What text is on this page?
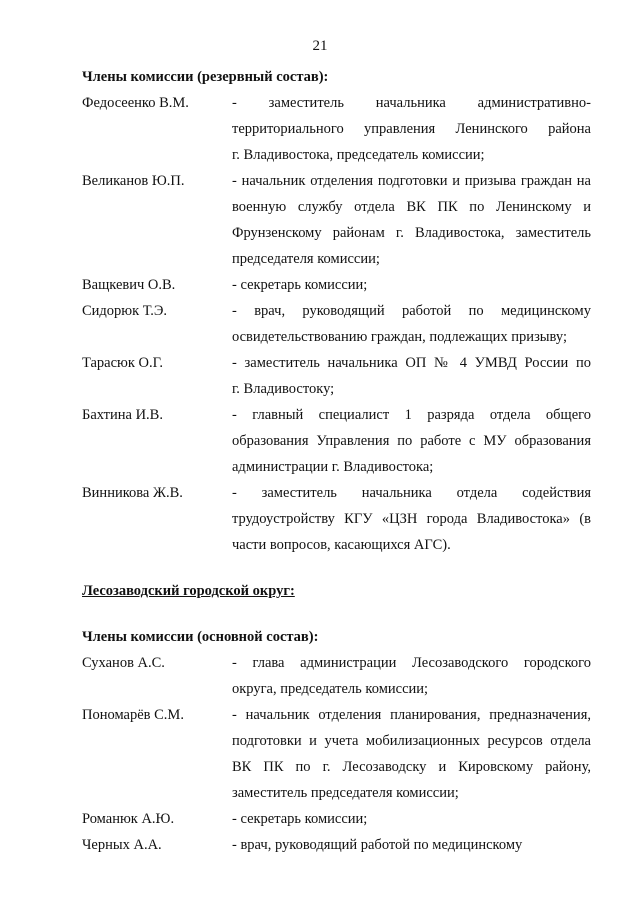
21
Члены комиссии (резервный состав):
Федосеенко В.М.	- заместитель начальника административно-
территориального управления Ленинского района
г. Владивостока, председатель комиссии;
Великанов Ю.П.	- начальник отделения подготовки и призыва граждан на
военную службу отдела ВК ПК по Ленинскому и
Фрунзенскому районам г. Владивостока, заместитель
председателя комиссии;
Ващкевич О.В.	- секретарь комиссии;
Сидорюк Т.Э.	- врач, руководящий работой по медицинскому
освидетельствованию граждан, подлежащих призыву;
Тарасюк О.Г.	- заместитель начальника ОП № 4 УМВД России по
г. Владивостоку;
Бахтина И.В.	- главный специалист 1 разряда отдела общего
образования Управления по работе с МУ образования
администрации г. Владивостока;
Винникова Ж.В.	- заместитель начальника отдела содействия
трудоустройству КГУ «ЦЗН города Владивостока» (в
части вопросов, касающихся АГС).
Лесозаводский городской округ:
Члены комиссии (основной состав):
Суханов А.С.	- глава администрации Лесозаводского городского
округа, председатель комиссии;
Пономарёв С.М.	- начальник отделения планирования, предназначения,
подготовки и учета мобилизационных ресурсов отдела
ВК ПК по г. Лесозаводску и Кировскому району,
заместитель председателя комиссии;
Романюк А.Ю.	- секретарь комиссии;
Черных А.А.	- врач, руководящий работой по медицинскому
